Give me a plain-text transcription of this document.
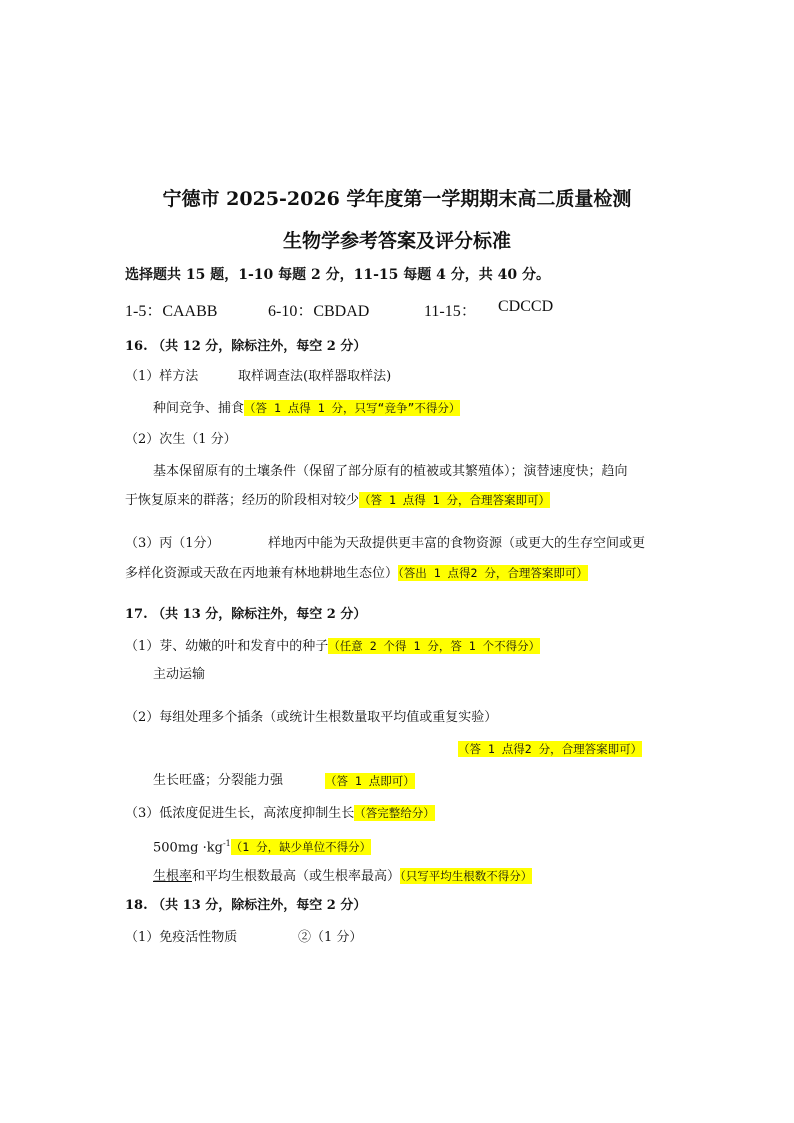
宁德市 2025-2026 学年度第一学期期末高二质量检测
生物学参考答案及评分标准
选择题共 15 题，1-10 每题 2 分，11-15 每题 4 分，共 40 分。
1-5：CAABB	6-10：CBDAD	11-15： CDCCD
16. （共 12 分，除标注外，每空 2 分）
（1）样方法	取样调查法(取样器取样法)
种间竞争、捕食（答 1 点得 1 分，只写“竞争”不得分）
（2）次生（1 分）
基本保留原有的土壤条件（保留了部分原有的植被或其繁殖体）；演替速度快；趋向
于恢复原来的群落；经历的阶段相对较少（答 1 点得 1 分，合理答案即可）
（3）丙（1分）	样地丙中能为天敌提供更丰富的食物资源（或更大的生存空间或更
多样化资源或天敌在丙地兼有林地耕地生态位）（答出 1 点得2 分，合理答案即可）
17. （共 13 分，除标注外，每空 2 分）
（1）芽、幼嫩的叶和发育中的种子（任意 2 个得 1 分，答 1 个不得分）
主动运输
（2）每组处理多个插条（或统计生根数量取平均值或重复实验）
（答 1 点得2 分，合理答案即可）
生长旺盛；分裂能力强	（答 1 点即可）
（3）低浓度促进生长，高浓度抑制生长（答完整给分）
$500mg \cdot kg^{-1}(1$ 分，缺少单位不得分）
生根率和平均生根数最高（或生根率最高）（只写平均生根数不得分）
18. （共 13 分，除标注外，每空 2 分）
（1）免疫活性物质	②（1 分）
